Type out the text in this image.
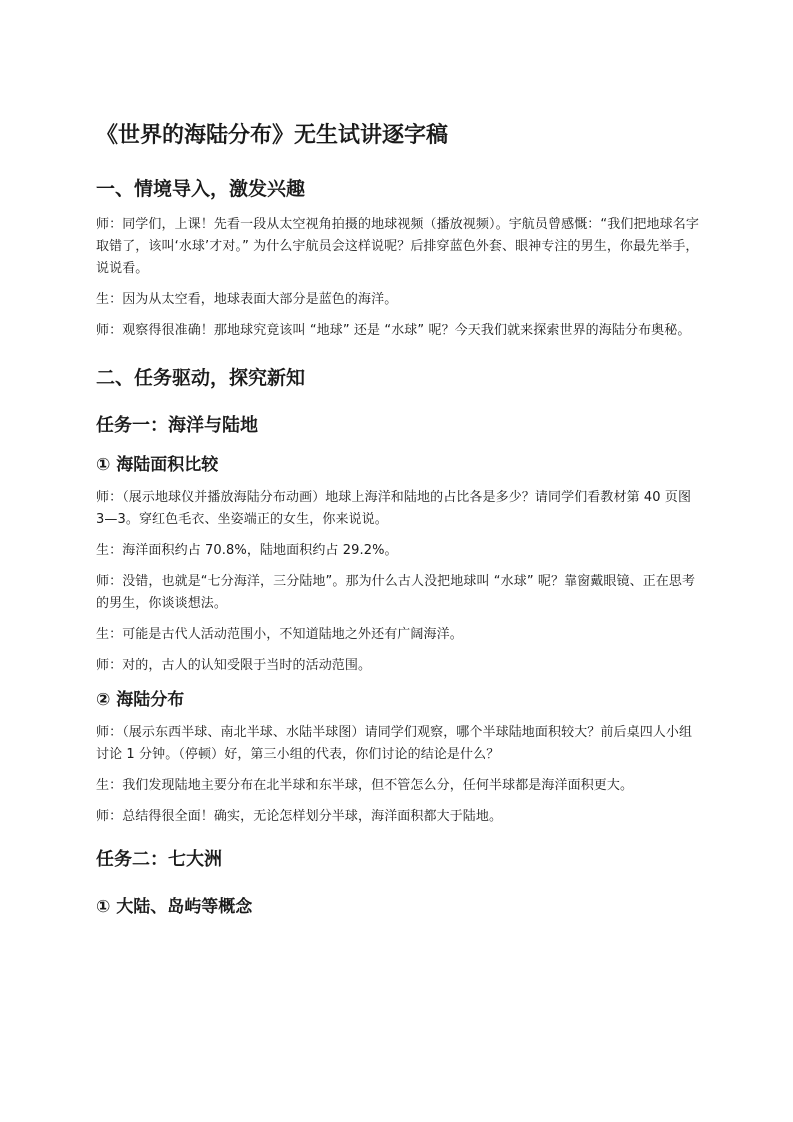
《世界的海陆分布》无生试讲逐字稿
一、情境导入，激发兴趣
师：同学们，上课！先看一段从太空视角拍摄的地球视频（播放视频）。宇航员曾感慨：“我们把地球名字取错了，该叫‘水球’才对。” 为什么宇航员会这样说呢？后排穿蓝色外套、眼神专注的男生，你最先举手，说说看。
生：因为从太空看，地球表面大部分是蓝色的海洋。
师：观察得很准确！那地球究竟该叫 “地球” 还是 “水球” 呢？今天我们就来探索世界的海陆分布奥秘。
二、任务驱动，探究新知
任务一：海洋与陆地
① 海陆面积比较
师：（展示地球仪并播放海陆分布动画）地球上海洋和陆地的占比各是多少？请同学们看教材第 40 页图 3—3。穿红色毛衣、坐姿端正的女生，你来说说。
生：海洋面积约占 70.8%，陆地面积约占 29.2%。
师：没错，也就是“七分海洋，三分陆地”。那为什么古人没把地球叫 “水球” 呢？靠窗戴眼镜、正在思考的男生，你谈谈想法。
生：可能是古代人活动范围小，不知道陆地之外还有广阔海洋。
师：对的，古人的认知受限于当时的活动范围。
② 海陆分布
师：（展示东西半球、南北半球、水陆半球图）请同学们观察，哪个半球陆地面积较大？前后桌四人小组讨论 1 分钟。（停顿）好，第三小组的代表，你们讨论的结论是什么？
生：我们发现陆地主要分布在北半球和东半球，但不管怎么分，任何半球都是海洋面积更大。
师：总结得很全面！确实，无论怎样划分半球，海洋面积都大于陆地。
任务二：七大洲
① 大陆、岛屿等概念
